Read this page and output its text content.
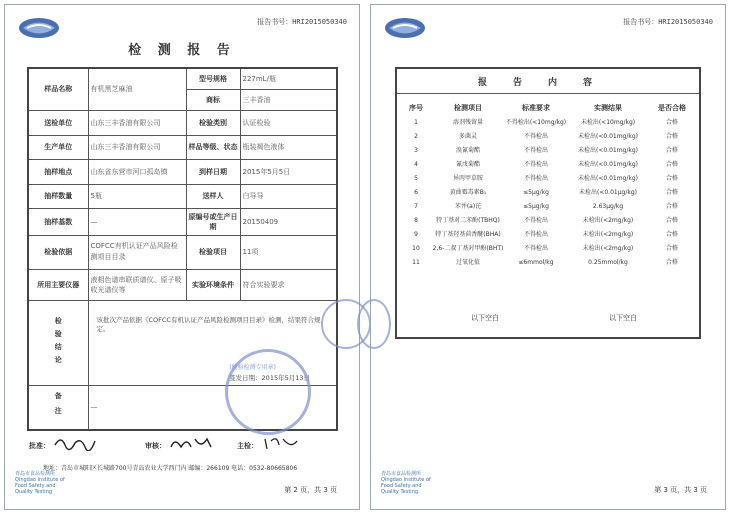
报告书号：HRI2015050340
检 测 报 告
样品名称	有机黑芝麻油	型号规格	227mL/瓶
		商标	三丰香油
送检单位	山东三丰香油有限公司	检验类别	认证检验
生产单位	山东三丰香油有限公司	样品等级、状态	瓶装褐色液体
抽样地点	山东省东营市河口孤岛镇	到样日期	2015年5月5日
抽样数量	5瓶	送样人	白导导
抽样基数	—	原编号或生产日期	20150409
检验依据	COFCC有机认证产品风险检测项目目录	检验项目	11项
所用主要仪器	液相色谱串联质谱仪、原子吸收光谱仪等	实验环境条件	符合实验要求
检验结论	该批次产品依据《COFCC有机认证产品风险检测项目目录》检测，结果符合规定。
(检验检测专用章)
签发日期：2015年5月13日		

备注	—		
批准：	审核：	主检：
地址：青岛市城阳区长城路700号青岛农业大学西门内 邮编：266109 电话：0532-80665806
青岛市食品检测所 Qingdao Institute of Food Safety and Quality Testing	第 2 页，共 3 页
报告书号：HRI2015050340
报告内容
序号	检测项目	标准要求	实测结果	是否合格
1	溶剂残留量	不得检出(<10mg/kg)	未检出(<10mg/kg)	合格
2	多菌灵	不得检出	未检出(<0.01mg/kg)	合格
3	溴氰菊酯	不得检出	未检出(<0.01mg/kg)	合格
4	氰戊菊酯	不得检出	未检出(<0.01mg/kg)	合格
5	异丙甲草胺	不得检出	未检出(<0.01mg/kg)	合格
6	黄曲霉毒素B₁	≤5μg/kg	未检出(<0.01μg/kg)	合格
7	苯并(a)芘	≤5μg/kg	2.63μg/kg	合格
8	特丁基对二苯酚(TBHQ)	不得检出	未检出(<2mg/kg)	合格
9	特丁基羟基茴香醚(BHA)	不得检出	未检出(<2mg/kg)	合格
10	2,6-二叔丁基对甲酚(BHT)	不得检出	未检出(<2mg/kg)	合格
11	过氧化值	≤6mmol/kg	0.25mmol/kg	合格
以下空白	以下空白
青岛市食品检测所 Qingdao Institute of Food Safety and Quality Testing	第 3 页，共 3 页
